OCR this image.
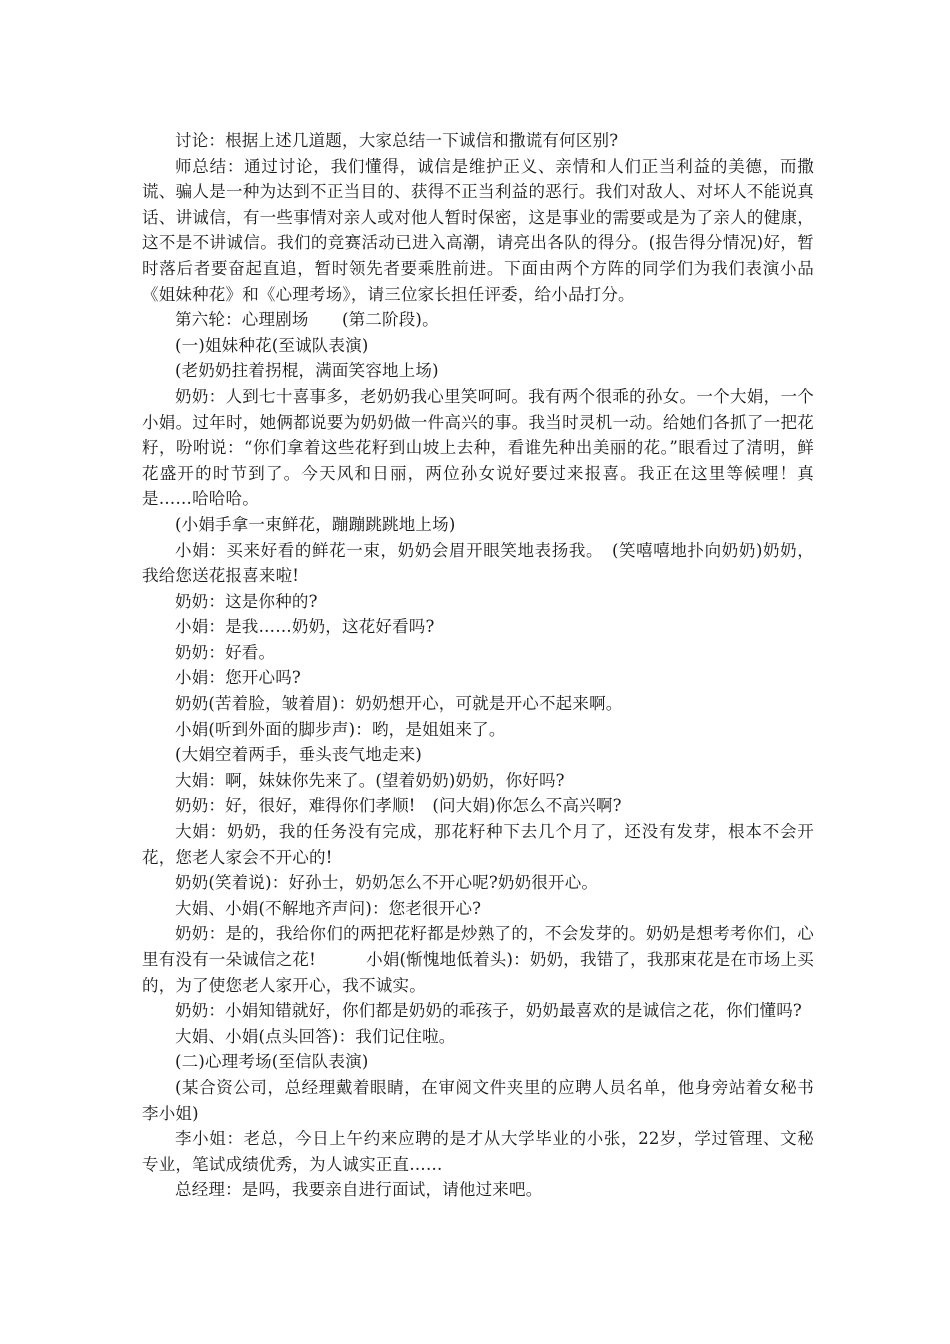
讨论：根据上述几道题，大家总结一下诚信和撒谎有何区别?

师总结：通过讨论，我们懂得，诚信是维护正义、亲情和人们正当利益的美德，而撒谎、骗人是一种为达到不正当目的、获得不正当利益的恶行。我们对敌人、对坏人不能说真话、讲诚信，有一些事情对亲人或对他人暂时保密，这是事业的需要或是为了亲人的健康，这不是不讲诚信。我们的竞赛活动已进入高潮，请亮出各队的得分。(报告得分情况)好，暂时落后者要奋起直追，暂时领先者要乘胜前进。下面由两个方阵的同学们为我们表演小品《姐妹种花》和《心理考场》，请三位家长担任评委，给小品打分。

第六轮：心理剧场　　(第二阶段)。

(一)姐妹种花(至诚队表演)

(老奶奶拄着拐棍，满面笑容地上场)

奶奶：人到七十喜事多，老奶奶我心里笑呵呵。我有两个很乖的孙女。一个大娟，一个小娟。过年时，她俩都说要为奶奶做一件高兴的事。我当时灵机一动。给她们各抓了一把花籽，吩咐说：“你们拿着这些花籽到山坡上去种，看谁先种出美丽的花。”眼看过了清明，鲜花盛开的时节到了。今天风和日丽，两位孙女说好要过来报喜。我正在这里等候哩！真是……哈哈哈。

(小娟手拿一束鲜花，蹦蹦跳跳地上场)

小娟：买来好看的鲜花一束，奶奶会眉开眼笑地表扬我。　(笑嘻嘻地扑向奶奶)奶奶，我给您送花报喜来啦!

奶奶：这是你种的?

小娟：是我……奶奶，这花好看吗?

奶奶：好看。

小娟：您开心吗?

奶奶(苦着脸，皱着眉)：奶奶想开心，可就是开心不起来啊。

小娟(听到外面的脚步声)：哟，是姐姐来了。

(大娟空着两手，垂头丧气地走来)

大娟：啊，妹妹你先来了。(望着奶奶)奶奶，你好吗?

奶奶：好，很好，难得你们孝顺!　(问大娟)你怎么不高兴啊?

大娟：奶奶，我的任务没有完成，那花籽种下去几个月了，还没有发芽，根本不会开花，您老人家会不开心的!

奶奶(笑着说)：好孙士，奶奶怎么不开心呢?奶奶很开心。

大娟、小娟(不解地齐声问)：您老很开心?

奶奶：是的，我给你们的两把花籽都是炒熟了的，不会发芽的。奶奶是想考考你们，心里有没有一朵诚信之花!　　　小娟(惭愧地低着头)：奶奶，我错了，我那束花是在市场上买的，为了使您老人家开心，我不诚实。

奶奶：小娟知错就好，你们都是奶奶的乖孩子，奶奶最喜欢的是诚信之花，你们懂吗?

大娟、小娟(点头回答)：我们记住啦。

(二)心理考场(至信队表演)

(某合资公司，总经理戴着眼睛，在审阅文件夹里的应聘人员名单，他身旁站着女秘书李小姐)

李小姐：老总，今日上午约来应聘的是才从大学毕业的小张，22岁，学过管理、文秘专业，笔试成绩优秀，为人诚实正直……

总经理：是吗，我要亲自进行面试，请他过来吧。
